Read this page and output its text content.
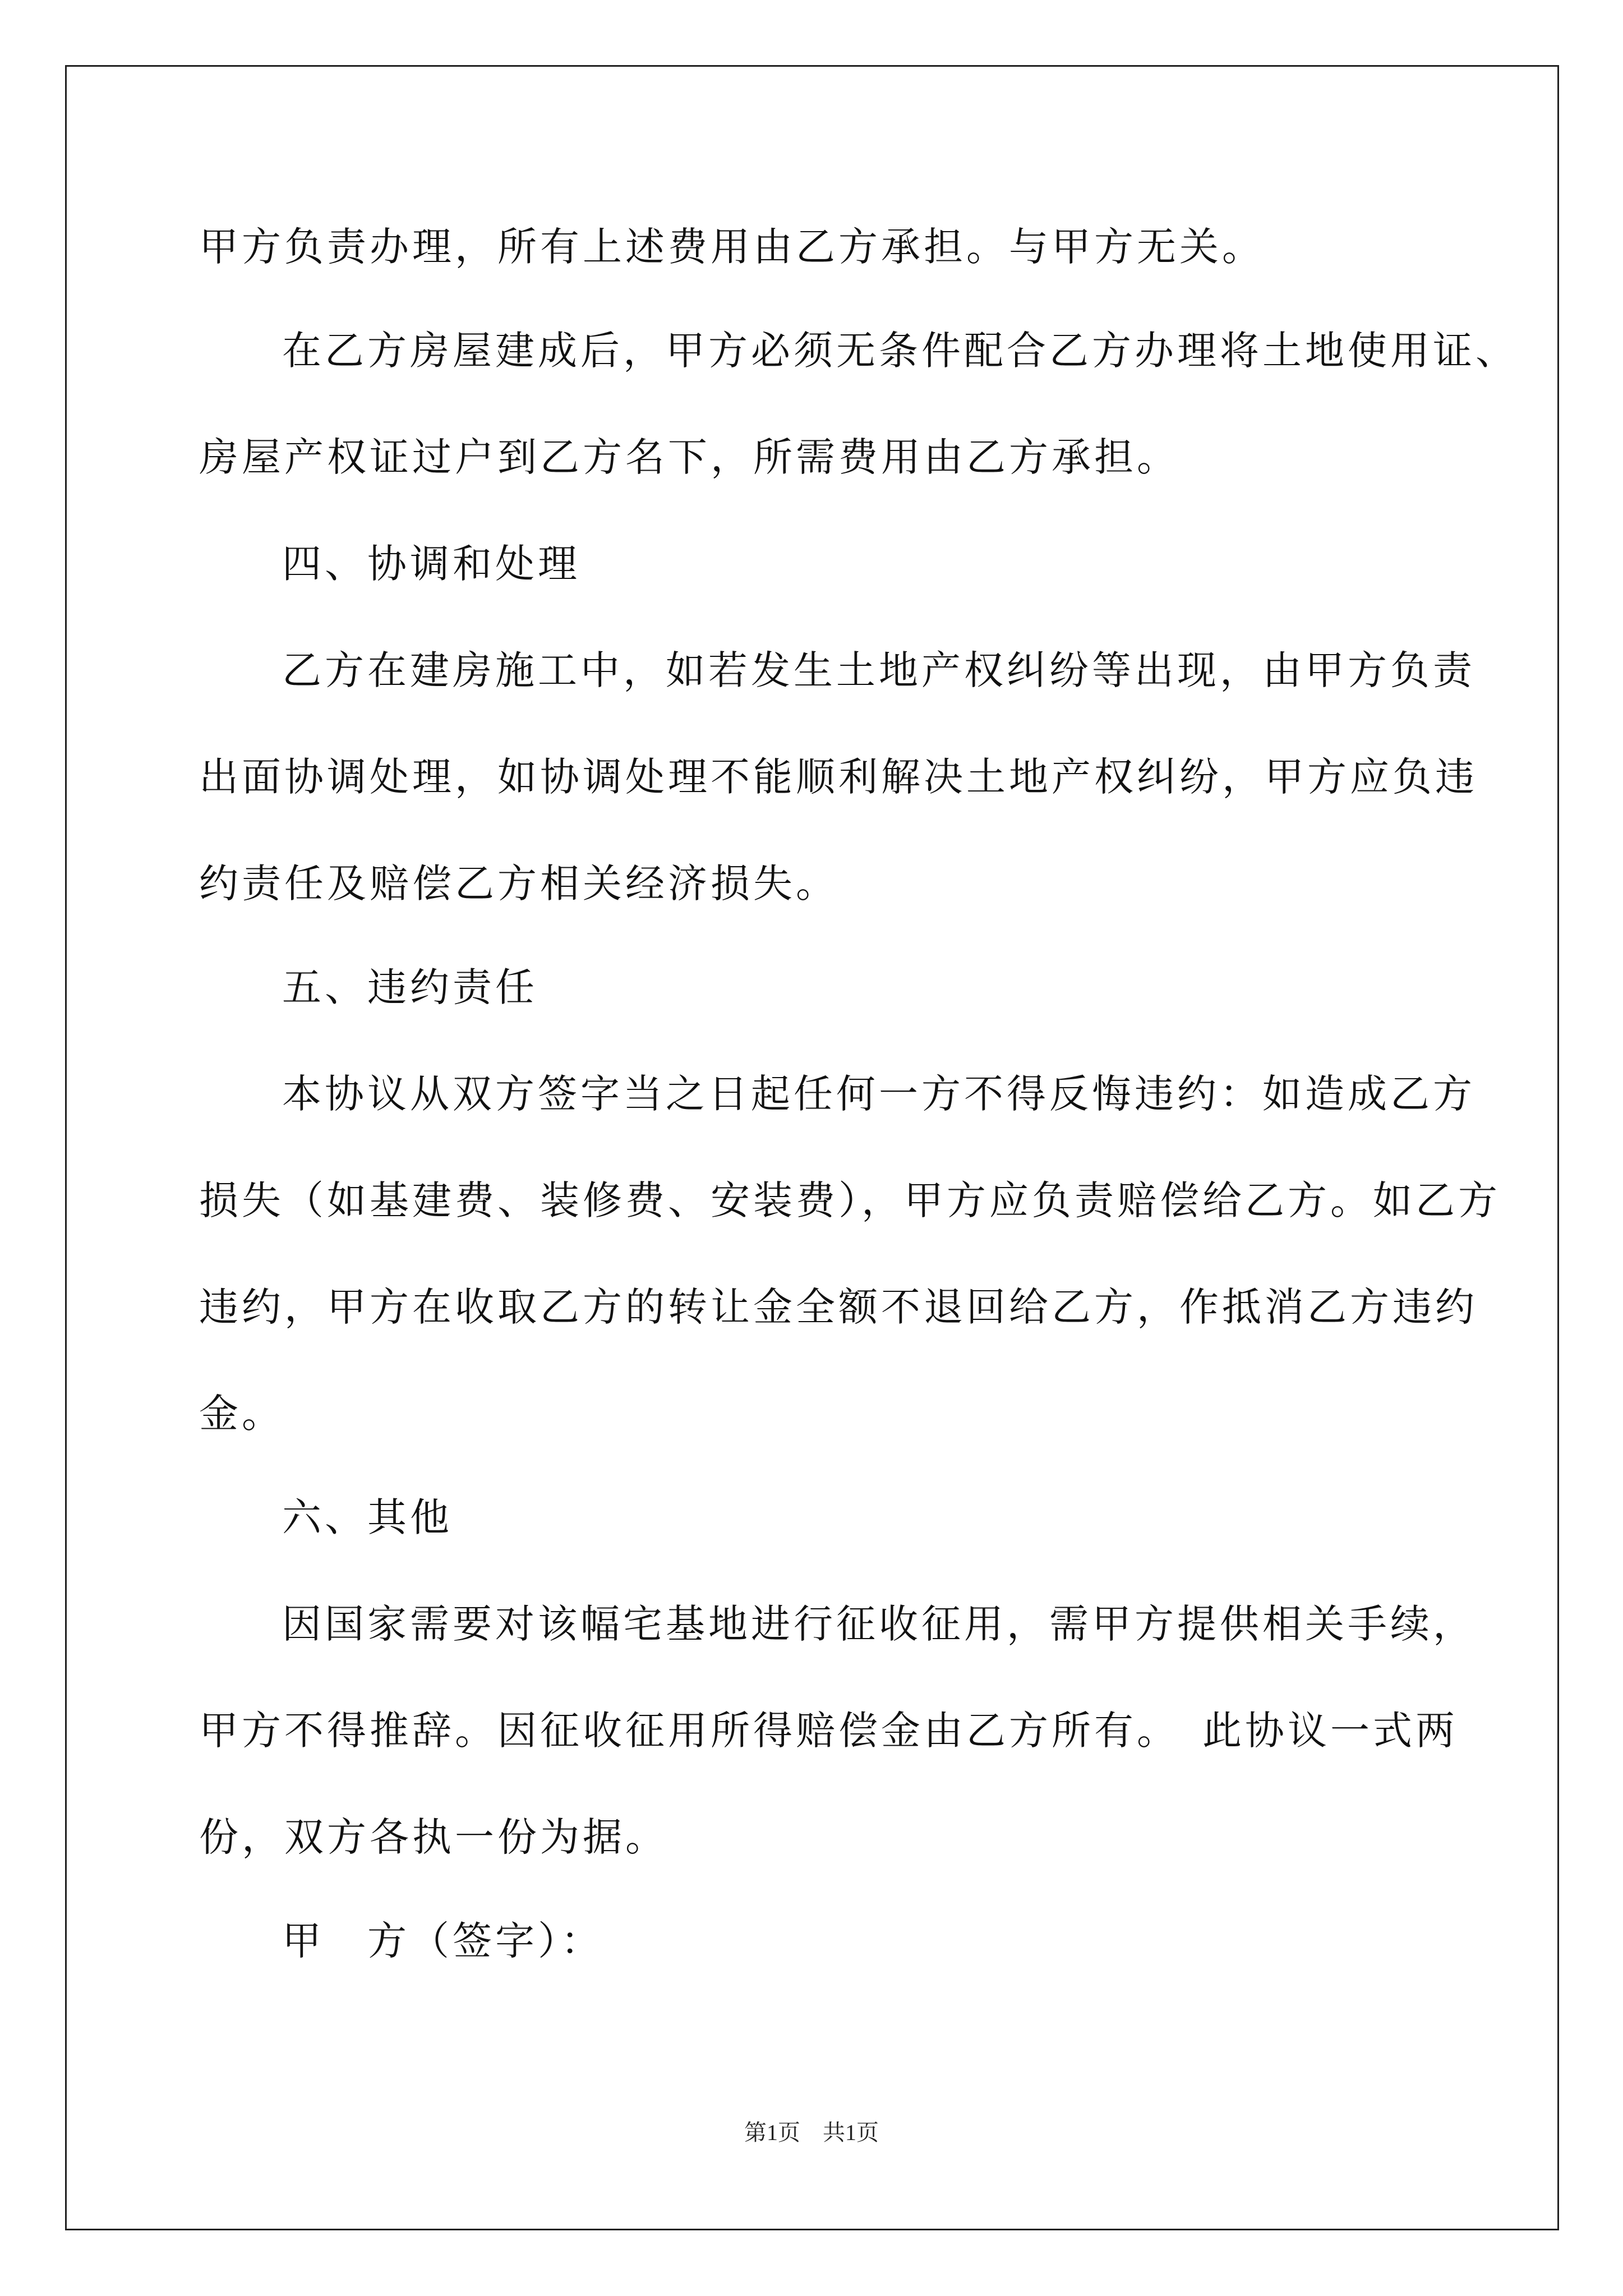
甲方负责办理，所有上述费用由乙方承担。与甲方无关。
在乙方房屋建成后，甲方必须无条件配合乙方办理将土地使用证、
房屋产权证过户到乙方名下，所需费用由乙方承担。
四、协调和处理
乙方在建房施工中，如若发生土地产权纠纷等出现，由甲方负责
出面协调处理，如协调处理不能顺利解决土地产权纠纷，甲方应负违
约责任及赔偿乙方相关经济损失。
五、违约责任
本协议从双方签字当之日起任何一方不得反悔违约：如造成乙方
损失（如基建费、装修费、安装费），甲方应负责赔偿给乙方。如乙方
违约，甲方在收取乙方的转让金全额不退回给乙方，作抵消乙方违约
金。
六、其他
因国家需要对该幅宅基地进行征收征用，需甲方提供相关手续，
甲方不得推辞。因征收征用所得赔偿金由乙方所有。　此协议一式两
份，双方各执一份为据。
甲　方（签字）：
第1页　共1页
